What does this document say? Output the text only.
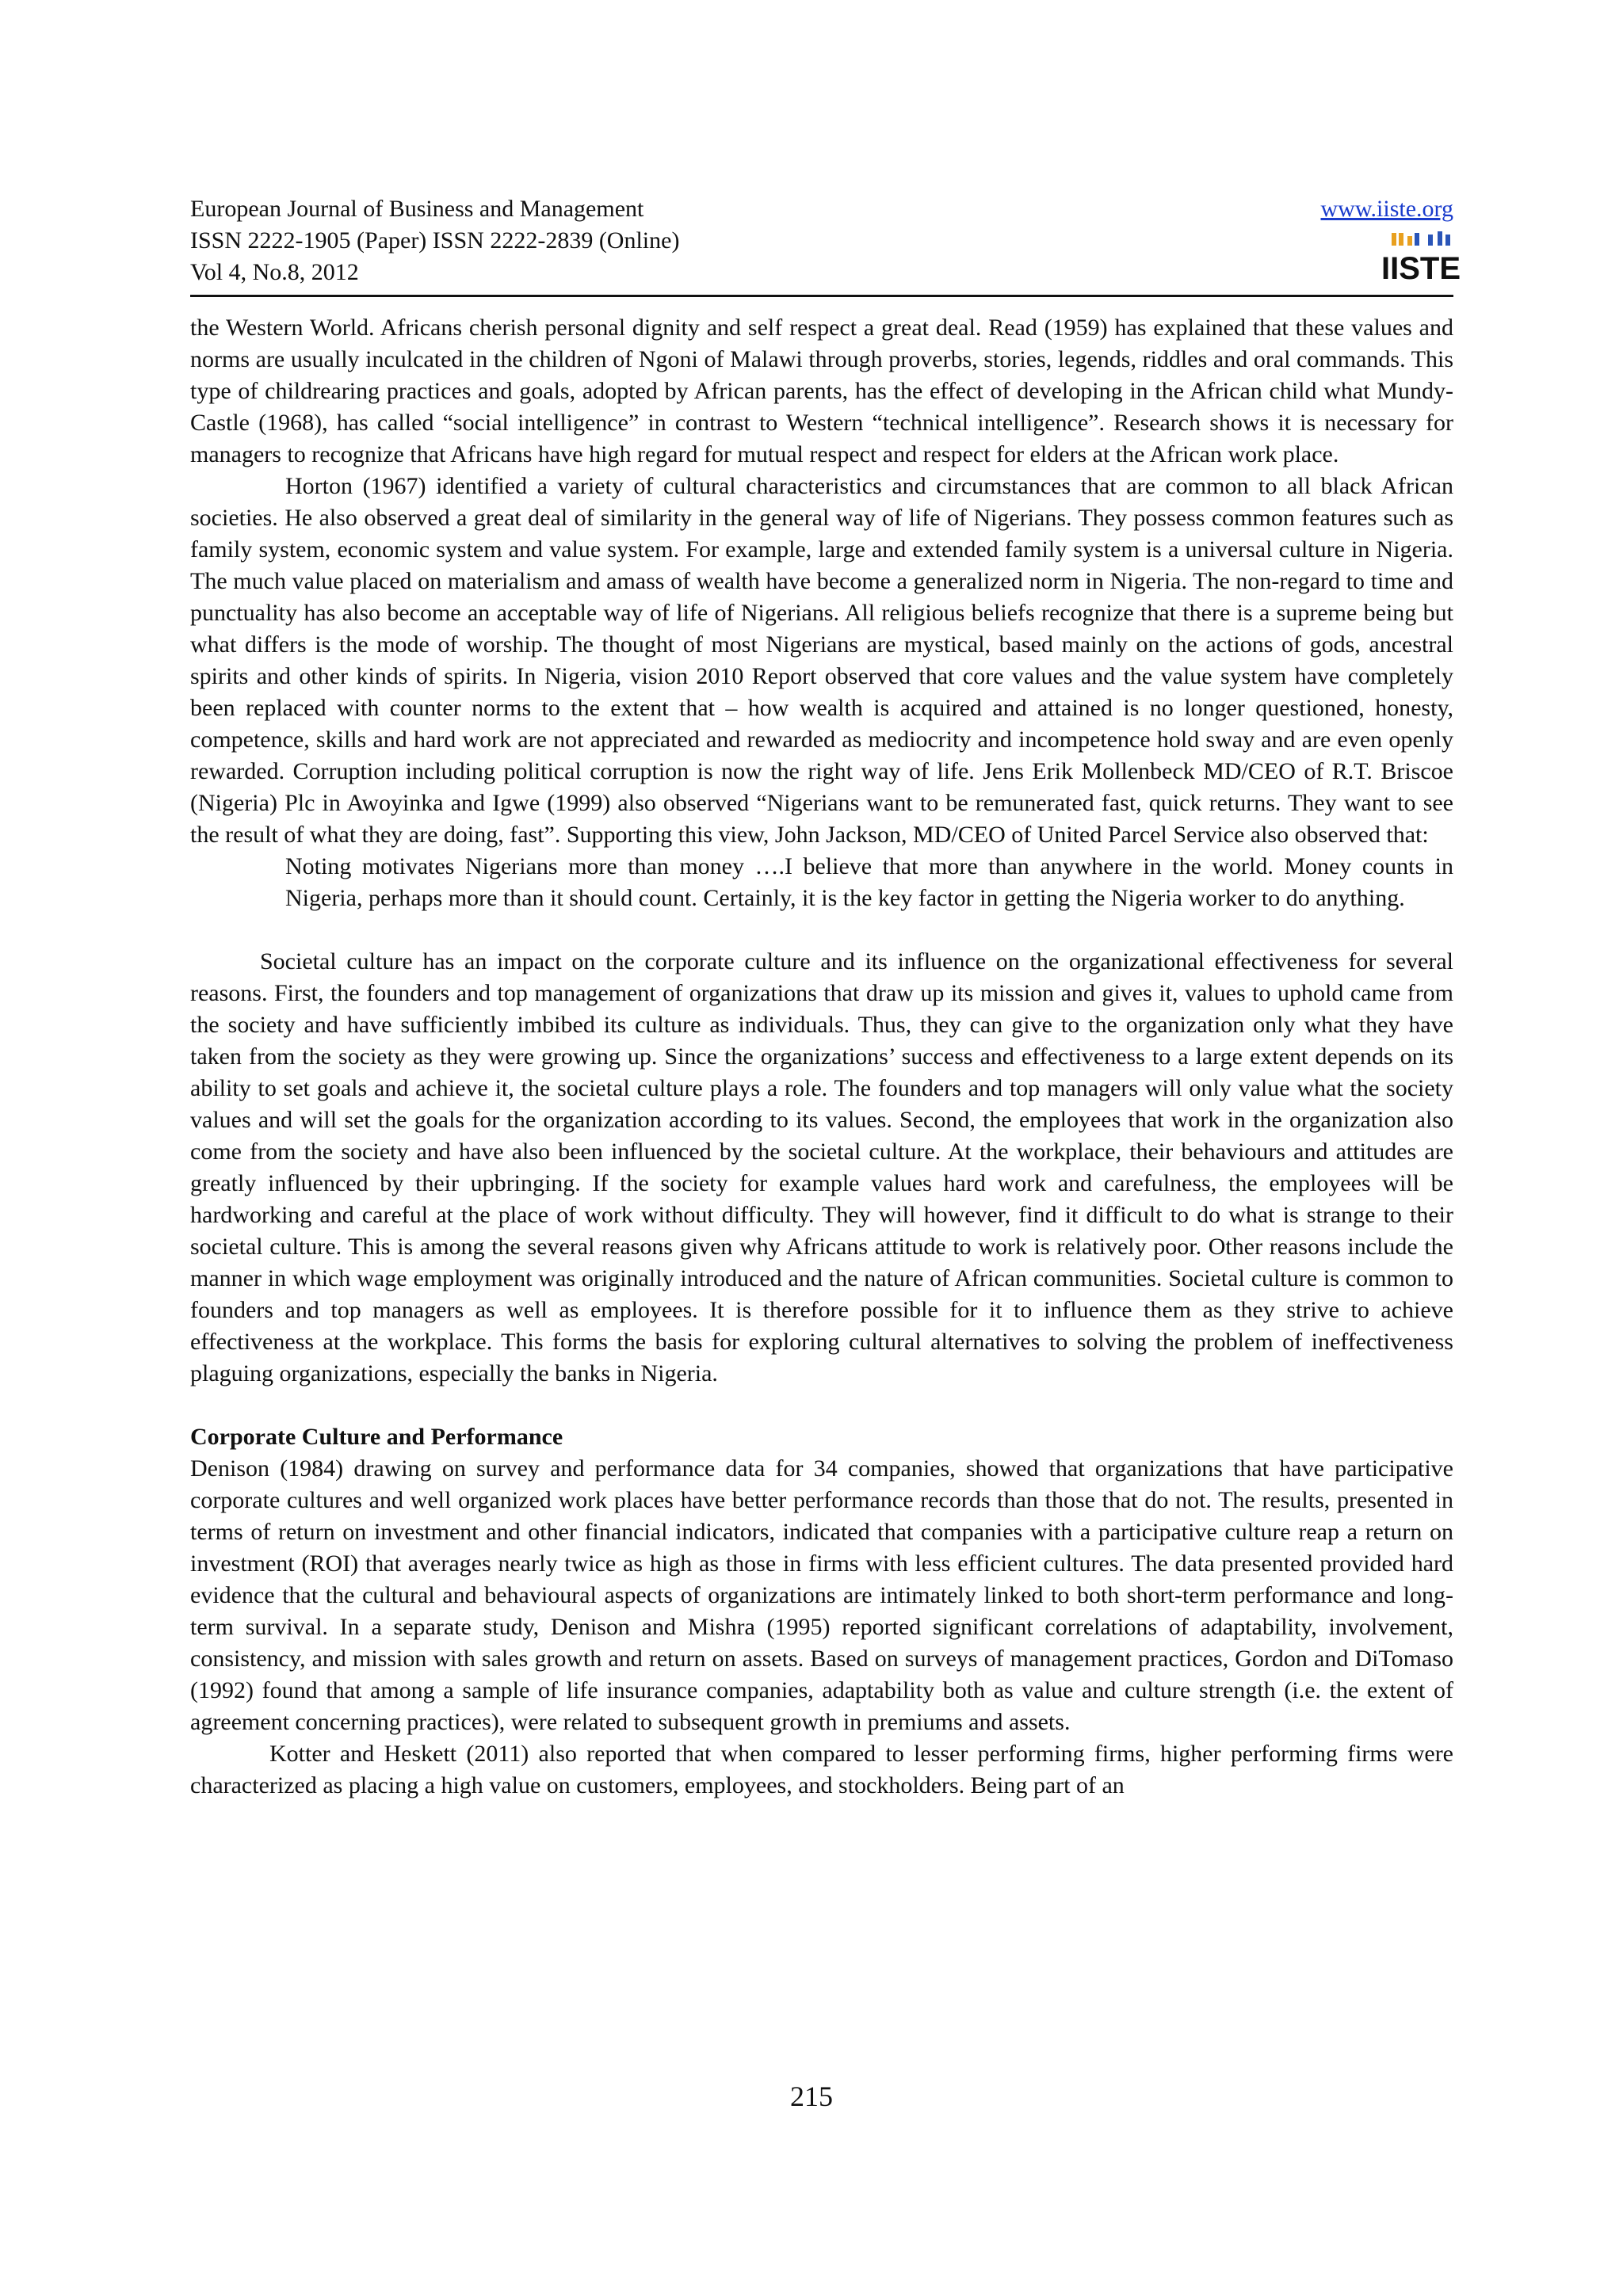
European Journal of Business and Management
ISSN 2222-1905 (Paper) ISSN 2222-2839 (Online)
Vol 4, No.8, 2012
www.iiste.org
IISTE

the Western World. Africans cherish personal dignity and self respect a great deal. Read (1959) has explained that these values and norms are usually inculcated in the children of Ngoni of Malawi through proverbs, stories, legends, riddles and oral commands. This type of childrearing practices and goals, adopted by African parents, has the effect of developing in the African child what Mundy-Castle (1968), has called “social intelligence” in contrast to Western “technical intelligence”. Research shows it is necessary for managers to recognize that Africans have high regard for mutual respect and respect for elders at the African work place.

Horton (1967) identified a variety of cultural characteristics and circumstances that are common to all black African societies. He also observed a great deal of similarity in the general way of life of Nigerians. They possess common features such as family system, economic system and value system. For example, large and extended family system is a universal culture in Nigeria. The much value placed on materialism and amass of wealth have become a generalized norm in Nigeria. The non-regard to time and punctuality has also become an acceptable way of life of Nigerians. All religious beliefs recognize that there is a supreme being but what differs is the mode of worship. The thought of most Nigerians are mystical, based mainly on the actions of gods, ancestral spirits and other kinds of spirits. In Nigeria, vision 2010 Report observed that core values and the value system have completely been replaced with counter norms to the extent that – how wealth is acquired and attained is no longer questioned, honesty, competence, skills and hard work are not appreciated and rewarded as mediocrity and incompetence hold sway and are even openly rewarded. Corruption including political corruption is now the right way of life. Jens Erik Mollenbeck MD/CEO of R.T. Briscoe (Nigeria) Plc in Awoyinka and Igwe (1999) also observed “Nigerians want to be remunerated fast, quick returns. They want to see the result of what they are doing, fast”. Supporting this view, John Jackson, MD/CEO of United Parcel Service also observed that:

Noting motivates Nigerians more than money ….I believe that more than anywhere in the world. Money counts in Nigeria, perhaps more than it should count. Certainly, it is the key factor in getting the Nigeria worker to do anything.

Societal culture has an impact on the corporate culture and its influence on the organizational effectiveness for several reasons. First, the founders and top management of organizations that draw up its mission and gives it, values to uphold came from the society and have sufficiently imbibed its culture as individuals. Thus, they can give to the organization only what they have taken from the society as they were growing up. Since the organizations’ success and effectiveness to a large extent depends on its ability to set goals and achieve it, the societal culture plays a role. The founders and top managers will only value what the society values and will set the goals for the organization according to its values. Second, the employees that work in the organization also come from the society and have also been influenced by the societal culture. At the workplace, their behaviours and attitudes are greatly influenced by their upbringing. If the society for example values hard work and carefulness, the employees will be hardworking and careful at the place of work without difficulty. They will however, find it difficult to do what is strange to their societal culture. This is among the several reasons given why Africans attitude to work is relatively poor. Other reasons include the manner in which wage employment was originally introduced and the nature of African communities. Societal culture is common to founders and top managers as well as employees. It is therefore possible for it to influence them as they strive to achieve effectiveness at the workplace. This forms the basis for exploring cultural alternatives to solving the problem of ineffectiveness plaguing organizations, especially the banks in Nigeria.

Corporate Culture and Performance

Denison (1984) drawing on survey and performance data for 34 companies, showed that organizations that have participative corporate cultures and well organized work places have better performance records than those that do not. The results, presented in terms of return on investment and other financial indicators, indicated that companies with a participative culture reap a return on investment (ROI) that averages nearly twice as high as those in firms with less efficient cultures. The data presented provided hard evidence that the cultural and behavioural aspects of organizations are intimately linked to both short-term performance and long-term survival. In a separate study, Denison and Mishra (1995) reported significant correlations of adaptability, involvement, consistency, and mission with sales growth and return on assets. Based on surveys of management practices, Gordon and DiTomaso (1992) found that among a sample of life insurance companies, adaptability both as value and culture strength (i.e. the extent of agreement concerning practices), were related to subsequent growth in premiums and assets.

Kotter and Heskett (2011) also reported that when compared to lesser performing firms, higher performing firms were characterized as placing a high value on customers, employees, and stockholders. Being part of an

215
